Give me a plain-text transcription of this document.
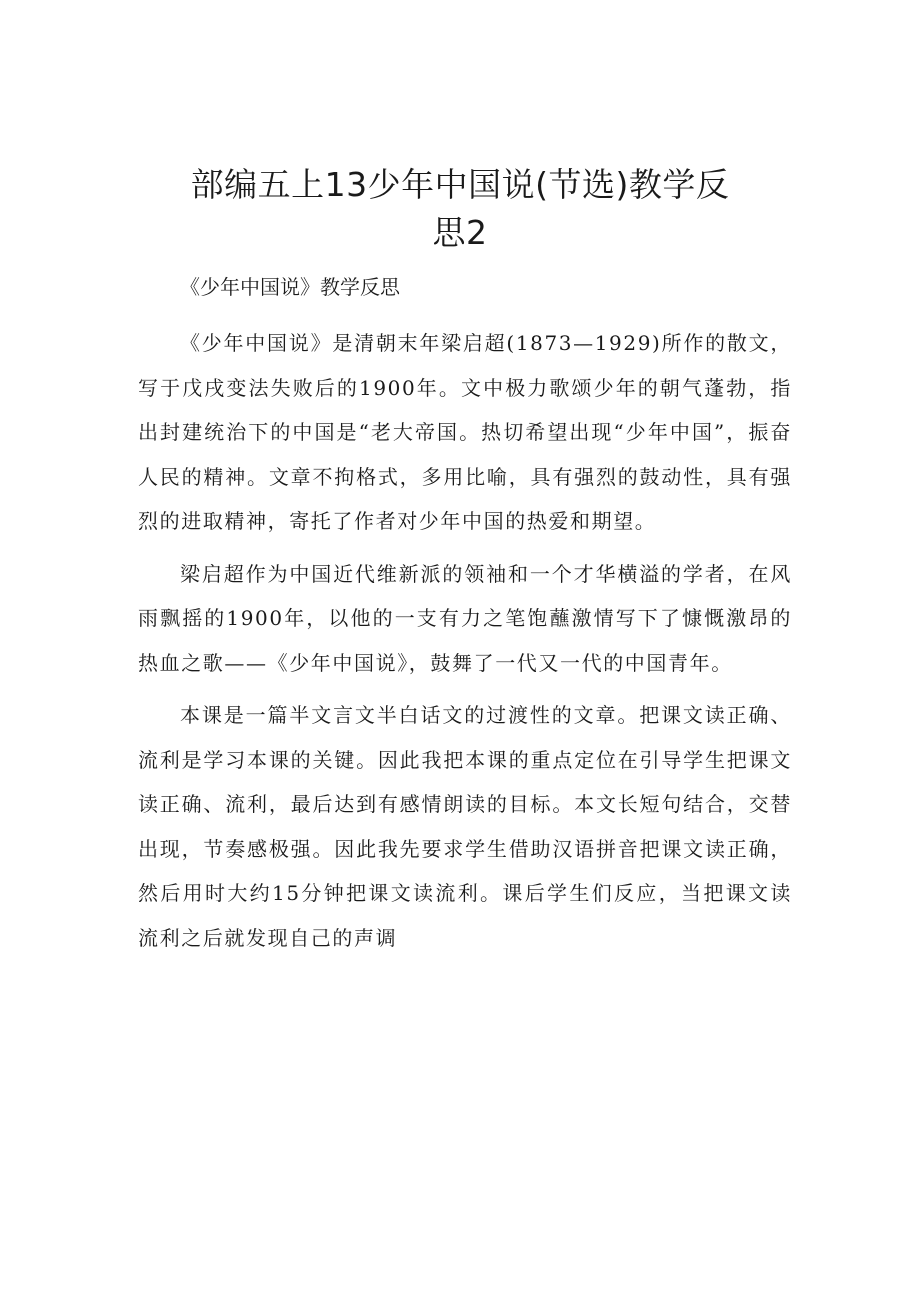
部编五上13少年中国说(节选)教学反
思2

《少年中国说》教学反思

《少年中国说》是清朝末年梁启超(1873—1929)所作的散文，写于戊戌变法失败后的1900年。文中极力歌颂少年的朝气蓬勃，指出封建统治下的中国是“老大帝国。热切希望出现“少年中国”，振奋人民的精神。文章不拘格式，多用比喻，具有强烈的鼓动性，具有强烈的进取精神，寄托了作者对少年中国的热爱和期望。

梁启超作为中国近代维新派的领袖和一个才华横溢的学者，在风雨飘摇的1900年，以他的一支有力之笔饱蘸激情写下了慷慨激昂的热血之歌——《少年中国说》，鼓舞了一代又一代的中国青年。

本课是一篇半文言文半白话文的过渡性的文章。把课文读正确、流利是学习本课的关键。因此我把本课的重点定位在引导学生把课文读正确、流利，最后达到有感情朗读的目标。本文长短句结合，交替出现，节奏感极强。因此我先要求学生借助汉语拼音把课文读正确，然后用时大约15分钟把课文读流利。课后学生们反应，当把课文读流利之后就发现自己的声调
